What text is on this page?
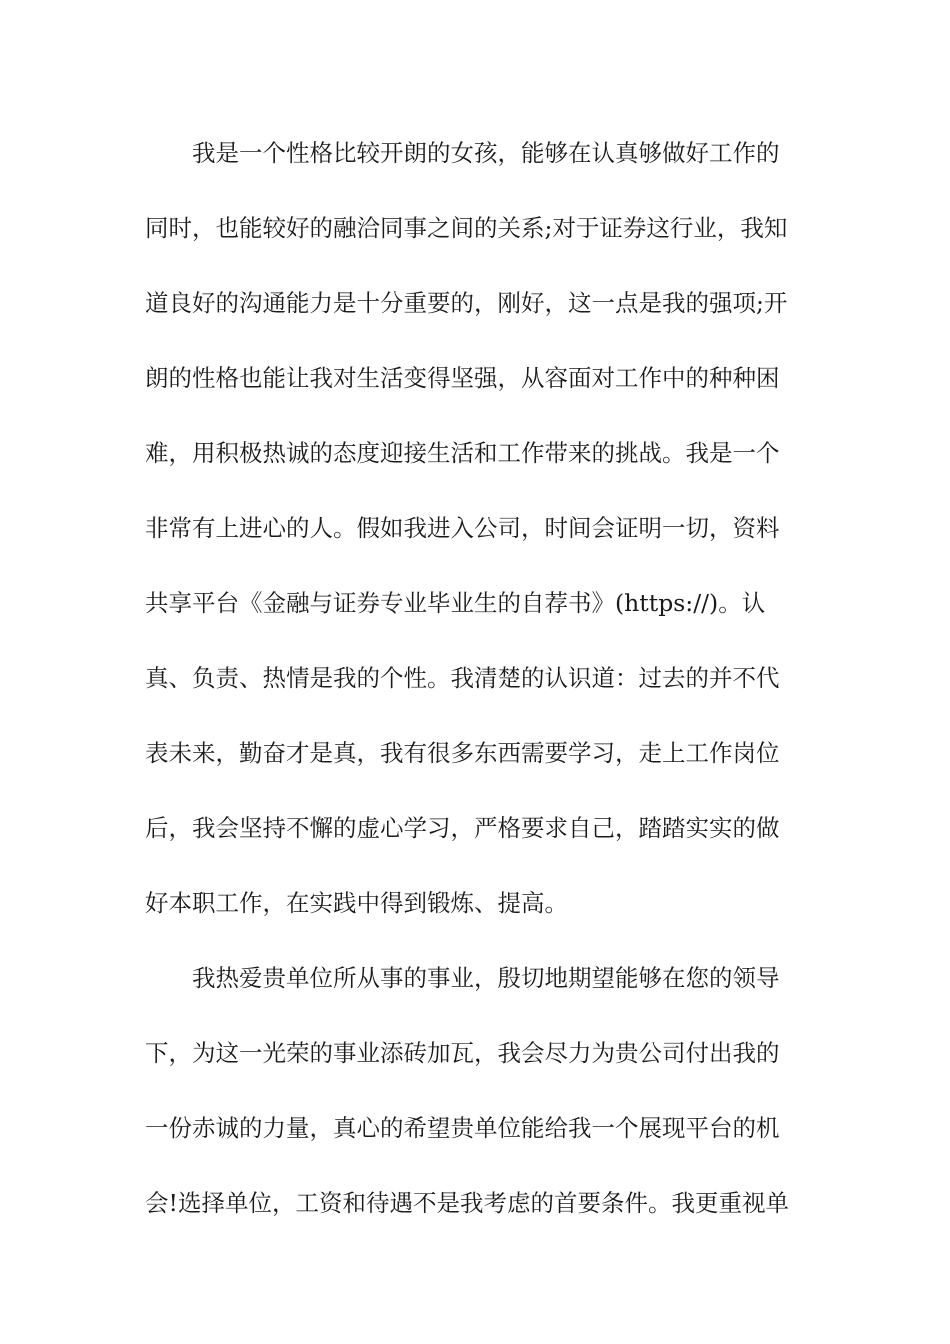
我是一个性格比较开朗的女孩，能够在认真够做好工作的
同时，也能较好的融洽同事之间的关系;对于证券这行业，我知
道良好的沟通能力是十分重要的，刚好，这一点是我的强项;开
朗的性格也能让我对生活变得坚强，从容面对工作中的种种困
难，用积极热诚的态度迎接生活和工作带来的挑战。我是一个
非常有上进心的人。假如我进入公司，时间会证明一切，资料
共享平台《金融与证券专业毕业生的自荐书》(https://)。认
真、负责、热情是我的个性。我清楚的认识道：过去的并不代
表未来，勤奋才是真，我有很多东西需要学习，走上工作岗位
后，我会坚持不懈的虚心学习，严格要求自己，踏踏实实的做
好本职工作，在实践中得到锻炼、提高。
我热爱贵单位所从事的事业，殷切地期望能够在您的领导
下，为这一光荣的事业添砖加瓦，我会尽力为贵公司付出我的
一份赤诚的力量，真心的希望贵单位能给我一个展现平台的机
会!选择单位，工资和待遇不是我考虑的首要条件。我更重视单
